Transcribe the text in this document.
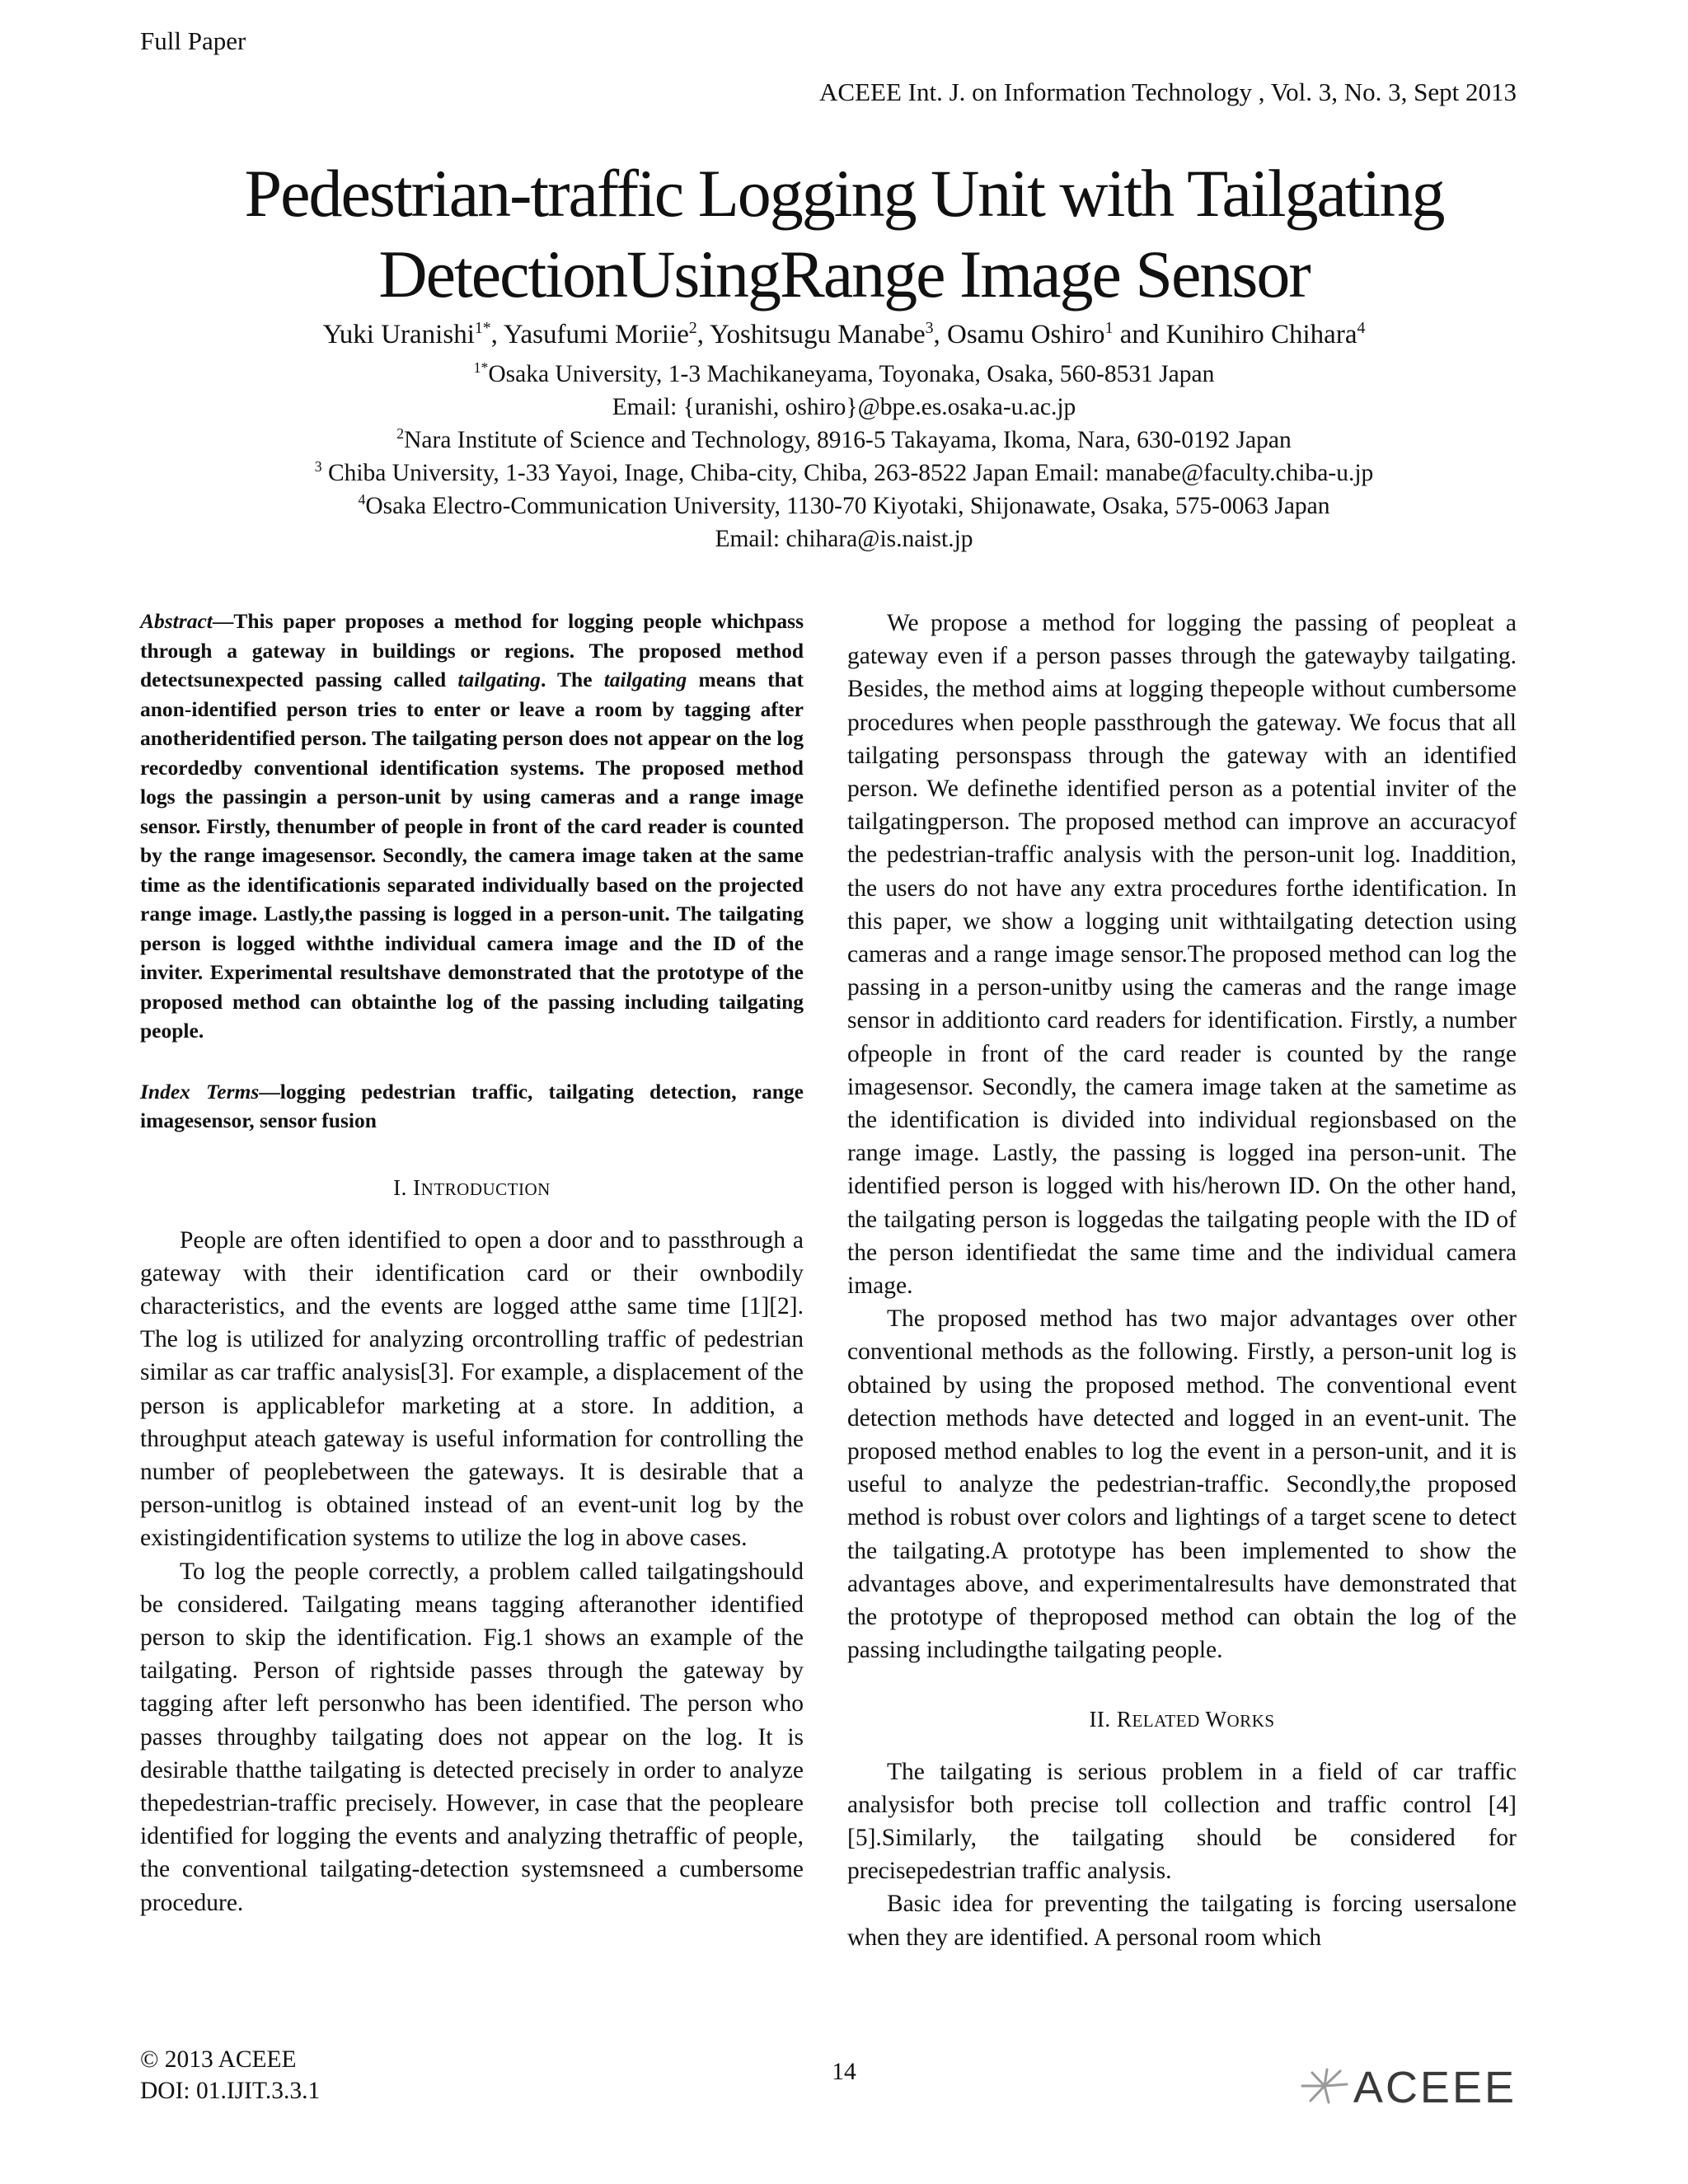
Full Paper
ACEEE Int. J. on Information Technology , Vol. 3, No. 3, Sept 2013
Pedestrian-traffic Logging Unit with Tailgating
DetectionUsingRange Image Sensor
Yuki Uranishi$^{1*}$, Yasufumi Moriie$^2$, Yoshitsugu Manabe$^3$, Osamu Oshiro$^1$ and Kunihiro Chihara$^4$
$^{1*}$Osaka University, 1-3 Machikaneyama, Toyonaka, Osaka, 560-8531 Japan
Email: {uranishi, oshiro}@bpe.es.osaka-u.ac.jp
$^2$Nara Institute of Science and Technology, 8916-5 Takayama, Ikoma, Nara, 630-0192 Japan
$^3$ Chiba University, 1-33 Yayoi, Inage, Chiba-city, Chiba, 263-8522 Japan Email: manabe@faculty.chiba-u.jp
$^4$Osaka Electro-Communication University, 1130-70 Kiyotaki, Shijonawate, Osaka, 575-0063 Japan
Email: chihara@is.naist.jp

Abstract—This paper proposes a method for logging people whichpass through a gateway in buildings or regions. The proposed method detectsunexpected passing called tailgating. The tailgating means that anon-identified person tries to enter or leave a room by tagging after anotheridentified person. The tailgating person does not appear on the log recordedby conventional identification systems. The proposed method logs the passingin a person-unit by using cameras and a range image sensor. Firstly, thenumber of people in front of the card reader is counted by the range imagesensor. Secondly, the camera image taken at the same time as the identificationis separated individually based on the projected range image. Lastly,the passing is logged in a person-unit. The tailgating person is logged withthe individual camera image and the ID of the inviter. Experimental resultshave demonstrated that the prototype of the proposed method can obtainthe log of the passing including tailgating people.

Index Terms—logging pedestrian traffic, tailgating detection, range imagesensor, sensor fusion

I. INTRODUCTION

People are often identified to open a door and to passthrough a gateway with their identification card or their ownbodily characteristics, and the events are logged atthe same time [1][2]. The log is utilized for analyzing orcontrolling traffic of pedestrian similar as car traffic analysis[3]. For example, a displacement of the person is applicablefor marketing at a store. In addition, a throughput ateach gateway is useful information for controlling the number of peoplebetween the gateways. It is desirable that a person-unitlog is obtained instead of an event-unit log by the existingidentification systems to utilize the log in above cases.

To log the people correctly, a problem called tailgatingshould be considered. Tailgating means tagging afteranother identified person to skip the identification. Fig.1 shows an example of the tailgating. Person of rightside passes through the gateway by tagging after left personwho has been identified. The person who passes throughby tailgating does not appear on the log. It is desirable thatthe tailgating is detected precisely in order to analyze thepedestrian-traffic precisely. However, in case that the peopleare identified for logging the events and analyzing thetraffic of people, the conventional tailgating-detection systemsneed a cumbersome procedure.

We propose a method for logging the passing of peopleat a gateway even if a person passes through the gatewayby tailgating. Besides, the method aims at logging thepeople without cumbersome procedures when people passthrough the gateway. We focus that all tailgating personspass through the gateway with an identified person. We definethe identified person as a potential inviter of the tailgatingperson. The proposed method can improve an accuracyof the pedestrian-traffic analysis with the person-unit log. Inaddition, the users do not have any extra procedures forthe identification. In this paper, we show a logging unit withtailgating detection using cameras and a range image sensor.The proposed method can log the passing in a person-unitby using the cameras and the range image sensor in additionto card readers for identification. Firstly, a number ofpeople in front of the card reader is counted by the range imagesensor. Secondly, the camera image taken at the sametime as the identification is divided into individual regionsbased on the range image. Lastly, the passing is logged ina person-unit. The identified person is logged with his/herown ID. On the other hand, the tailgating person is loggedas the tailgating people with the ID of the person identifiedat the same time and the individual camera image.

The proposed method has two major advantages over other conventional methods as the following. Firstly, a person-unit log is obtained by using the proposed method. The conventional event detection methods have detected and logged in an event-unit. The proposed method enables to log the event in a person-unit, and it is useful to analyze the pedestrian-traffic. Secondly,the proposed method is robust over colors and lightings of a target scene to detect the tailgating.A prototype has been implemented to show the advantages above, and experimentalresults have demonstrated that the prototype of theproposed method can obtain the log of the passing includingthe tailgating people.

II. RELATED WORKS

The tailgating is serious problem in a field of car traffic analysisfor both precise toll collection and traffic control [4][5].Similarly, the tailgating should be considered for precisepedestrian traffic analysis.

Basic idea for preventing the tailgating is forcing usersalone when they are identified. A personal room which

© 2013 ACEEE
DOI: 01.IJIT.3.3.1
14	ACEEE
